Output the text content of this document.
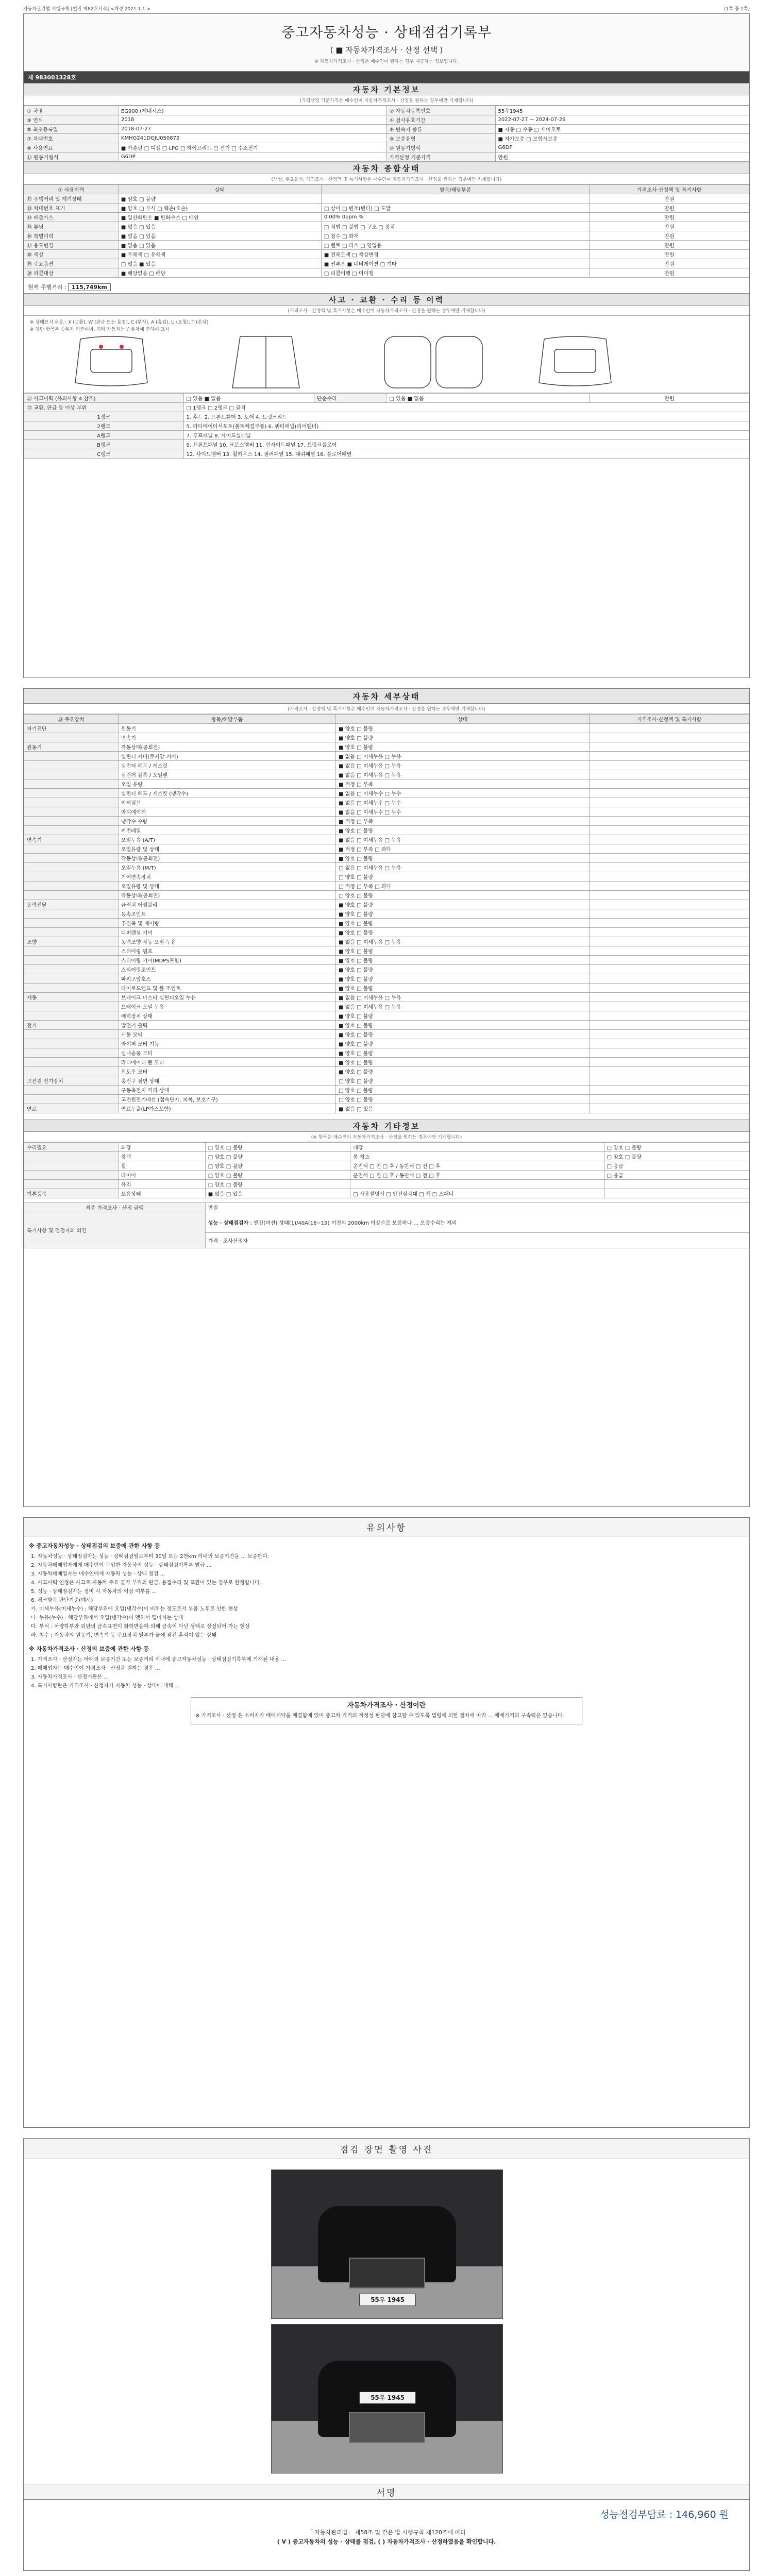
자동차관리법 시행규칙 [별지 제82호서식] <개정 2021.1.1.>	(1쪽 중 1쪽)
중고자동차성능 · 상태점검기록부
( ■ 자동차가격조사 · 산정 선택 )
※ 자동차가격조사 · 산정은 매수인이 원하는 경우 제공하는 정보입니다.
제 983001328호
자동차 기본정보
(가격산정 기준가격은 매수인이 자동차가격조사 · 산정을 원하는 경우에만 기재합니다)
① 차명	EG900 (제네시스)	② 자동차등록번호	55우1945
③ 연식	2018	④ 검사유효기간	2022-07-27 ~ 2024-07-26
⑤ 최초등록일	2018-07-27	⑥ 변속기 종류	■ 자동 □ 수동 □ 세미오토
⑦ 차대번호	KMHG241DGJU050872	⑧ 보증유형	■ 자가보증 □ 보험사보증
⑨ 사용연료	■ 가솔린 □ 디젤 □ LPG □ 하이브리드 □ 전기 □ 수소전기	⑩ 원동기형식	G6DP
⑪ 원동기형식	G6DP	가격산정 기준가격	만원
자동차 종합상태
(색상, 주요옵션, 가격조사 · 산정액 및 특기사항은 매수인이 자동차가격조사 · 산정을 원하는 경우에만 기재합니다)
① 사용이력	상태	항목/해당부품	가격조사·산정액 및 특기사항
⑫ 주행거리 및 계기상태	■ 양호 □ 불량		만원
⑬ 차대번호 표기	■ 양호 □ 부식 □ 훼손(오손)	□ 상이 □ 변조(변타) □ 도말	만원
⑭ 배출가스	■ 일산화탄소 ■ 탄화수소 □ 매연	0.00% 0ppm %	만원
⑮ 튜닝	■ 없음 □ 있음	□ 적법 □ 불법 □ 구조 □ 장치	만원
⑯ 특별이력	■ 없음 □ 있음	□ 침수 □ 화재	만원
⑰ 용도변경	■ 없음 □ 있음	□ 렌트 □ 리스 □ 영업용	만원
⑱ 색상	■ 무채색 □ 유채색	■ 전체도색 □ 색상변경	만원
⑲ 주요옵션	□ 없음 ■ 있음	■ 썬루프 ■ 네비게이션 □ 기타	만원
⑳ 리콜대상	■ 해당없음 □ 해당	□ 리콜이행 □ 미이행	만원
현재 주행거리 : 115,749km
사고 · 교환 · 수리 등 이력
(가격조사 · 산정액 및 특기사항은 매수인이 자동차가격조사 · 산정을 원하는 경우에만 기재합니다)
※ 상태표시 부호 : X (교환), W (판금 또는 용접), C (부식), A (흠집), U (요철), T (손상)
※ 하단 항목은 승용차 기준이며, 기타 자동차는 승용차에 준하여 표시
㉑ 사고이력 (유의사항 4 참조)	□ 있음 ■ 없음	단순수리	□ 있음 ■ 없음	만원
㉒ 교환, 판금 등 이상 부위	□ 1랭크 □ 2랭크 □ 골격			
1랭크	1. 후드 2. 프론트휀더 3. 도어 4. 트렁크리드			
2랭크	5. 라디에이터서포트(볼트체결부품) 6. 쿼터패널(리어휀더)			
A랭크	7. 루프패널 8. 사이드실패널			
B랭크	9. 프론트패널 10. 크로스멤버 11. 인사이드패널 17. 트렁크플로어			
C랭크	12. 사이드멤버 13. 휠하우스 14. 필러패널 15. 대쉬패널 16. 플로어패널			
자동차 세부상태
(가격조사 · 산정액 및 특기사항은 매수인이 자동차가격조사 · 산정을 원하는 경우에만 기재합니다)
㉓ 주요장치	항목/해당부품	상태	가격조사·산정액 및 특기사항
자기진단	원동기	■ 양호 □ 불량	
	변속기	■ 양호 □ 불량	
원동기	작동상태(공회전)	■ 양호 □ 불량	
	실린더 커버(로커암 커버)	■ 없음 □ 미세누유 □ 누유	
	실린더 헤드 / 개스킷	■ 없음 □ 미세누유 □ 누유	
	실린더 블록 / 오일팬	■ 없음 □ 미세누유 □ 누유	
	오일 유량	■ 적정 □ 부족	
	실린더 헤드 / 개스킷 (냉각수)	■ 없음 □ 미세누수 □ 누수	
	워터펌프	■ 없음 □ 미세누수 □ 누수	
	라디에이터	■ 없음 □ 미세누수 □ 누수	
	냉각수 수량	■ 적정 □ 부족	
	커먼레일	■ 양호 □ 불량	
변속기	오일누유 (A/T)	■ 없음 □ 미세누유 □ 누유	
	오일유량 및 상태	■ 적정 □ 부족 □ 과다	
	작동상태(공회전)	■ 양호 □ 불량	
	오일누유 (M/T)	□ 없음 □ 미세누유 □ 누유	
	기어변속장치	□ 양호 □ 불량	
	오일유량 및 상태	□ 적정 □ 부족 □ 과다	
	작동상태(공회전)	□ 양호 □ 불량	
동력전달	클러치 어셈블리	■ 양호 □ 불량	
	등속조인트	■ 양호 □ 불량	
	추진축 및 베어링	■ 양호 □ 불량	
	디퍼렌셜 기어	■ 양호 □ 불량	
조향	동력조향 작동 오일 누유	■ 없음 □ 미세누유 □ 누유	
	스티어링 펌프	■ 양호 □ 불량	
	스티어링 기어(MDPS포함)	■ 양호 □ 불량	
	스티어링조인트	■ 양호 □ 불량	
	파워고압호스	■ 양호 □ 불량	
	타이로드엔드 및 볼 조인트	■ 양호 □ 불량	
제동	브레이크 마스터 실린더오일 누유	■ 없음 □ 미세누유 □ 누유	
	브레이크 오일 누유	■ 없음 □ 미세누유 □ 누유	
	배력장치 상태	■ 양호 □ 불량	
전기	발전기 출력	■ 양호 □ 불량	
	시동 모터	■ 양호 □ 불량	
	와이퍼 모터 기능	■ 양호 □ 불량	
	실내송풍 모터	■ 양호 □ 불량	
	라디에이터 팬 모터	■ 양호 □ 불량	
	윈도우 모터	■ 양호 □ 불량	
고전원 전기장치	충전구 절연 상태	□ 양호 □ 불량	
	구동축전지 격리 상태	□ 양호 □ 불량	
	고전원전기배선 (접속단자, 피복, 보호기구)	□ 양호 □ 불량	
연료	연료누출(LP가스포함)	■ 없음 □ 있음	
자동차 기타정보
(※ 항목은 매수인이 자동차가격조사 · 산정을 원하는 경우에만 기재합니다)
수리필요	외장	□ 양호 □ 불량	내장	□ 양호 □ 불량
	광택	□ 양호 □ 불량	룸 청소	□ 양호 □ 불량
	휠	□ 양호 □ 불량	운전석 □ 전 □ 후 / 동반석 □ 전 □ 후	□ 응급
	타이어	□ 양호 □ 불량	운전석 □ 전 □ 후 / 동반석 □ 전 □ 후	□ 응급
	유리	□ 양호 □ 불량		
기본품목	보유상태	■ 없음 □ 있음	□ 사용설명서 □ 안전삼각대 □ 잭 □ 스패너	
최종 가격조사 · 산정 금액	만원
특기사항 및 점검자의 의견	성능 · 상태점검자 : 엔진(미션) 상태(1)/40A(16~19) 이전의 2000km 이상으로 보증하나 ... 보증수리는 제외
	가격 · 조사산정자
유의사항
※ 중고자동차성능 · 상태점검의 보증에 관한 사항 등

1. 자동차성능 · 상태점검자는 성능 · 상태점검일로부터 30일 또는 2천km 이내의 보증기간을 ... 보증한다.

2. 자동차매매업자에게 매수인이 구입한 자동차의 성능 · 상태점검기록부 발급 ...

3. 자동차매매업자는 매수인에게 자동차 성능 · 상태 점검 ...

4. 사고이력 인정은 사고로 자동차 주요 골격 부위의 판금, 용접수리 및 교환이 있는 경우로 한정합니다.

5. 성능 · 상태점검자는 정비 시 자동차의 이상 여부를 ...

6. 체크항목 판단기준(예시)

가. 미세누유(미세누수) : 해당부위에 오일(냉각수)이 비치는 정도로서 부품 노후로 인한 현상

나. 누유(누수) : 해당부위에서 오일(냉각수)이 맺혀서 떨어지는 상태

다. 부식 : 차량하부와 외판의 금속표면이 화학반응에 의해 금속이 아닌 상태로 상실되어 가는 현상

라. 침수 : 자동차의 원동기, 변속기 등 주요장치 일부가 물에 잠긴 흔적이 있는 상태

※ 자동차가격조사 · 산정의 보증에 관한 사항 등

1. 가격조사 · 산정자는 아래의 보증기간 또는 보증거리 이내에 중고자동차성능 · 상태점검기록부에 기재된 내용 ...

2. 매매업자는 매수인이 가격조사 · 산정을 원하는 경우 ...

3. 자동차가격조사 · 산정기관은 ...

4. 특기사항란은 가격조사 · 산정자가 자동차 성능 · 상태에 대해 ...

자동차가격조사 · 산정이란
※ 가격조사 · 산정 은 소비자가 매매계약을 체결함에 있어 중고차 가격의 적정성 판단에 참고할 수 있도록 법령에 의한 절차에 따라 ... 매매가격의 구속력은 없습니다.
점검 장면 촬영 사진
55우 1945
55우 1945
서명
성능점검부담료 : 146,960 원
「 자동차관리법」 제58조 및 같은 법 시행규칙 제120조에 따라
( V ) 중고자동차의 성능 · 상태를 점검, ( ) 자동차가격조사 · 산정하였음을 확인합니다.
